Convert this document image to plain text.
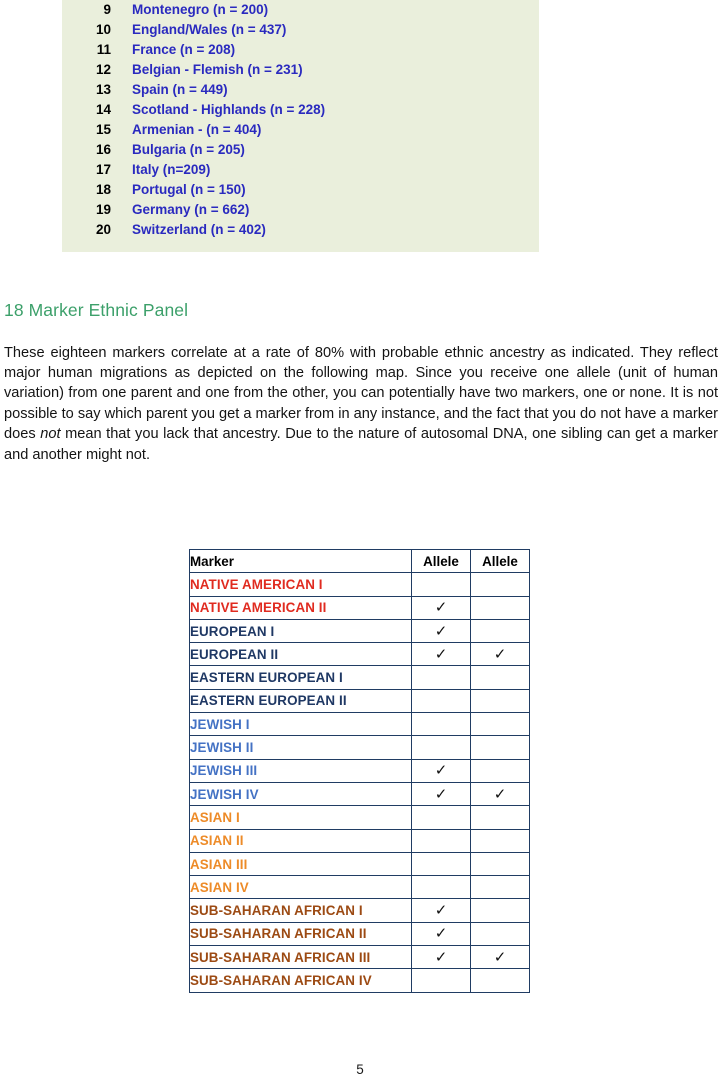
9	Montenegro (n = 200)
10	England/Wales (n = 437)
11	France (n = 208)
12	Belgian - Flemish (n = 231)
13	Spain (n = 449)
14	Scotland - Highlands (n = 228)
15	Armenian - (n = 404)
16	Bulgaria (n = 205)
17	Italy (n=209)
18	Portugal (n = 150)
19	Germany (n = 662)
20	Switzerland (n = 402)
18 Marker Ethnic Panel

These eighteen markers correlate at a rate of 80% with probable ethnic ancestry as indicated. They reflect major human migrations as depicted on the following map. Since you receive one allele (unit of human variation) from one parent and one from the other, you can potentially have two markers, one or none. It is not possible to say which parent you get a marker from in any instance, and the fact that you do not have a marker does not mean that you lack that ancestry. Due to the nature of autosomal DNA, one sibling can get a marker and another might not.

Marker	Allele	Allele
NATIVE AMERICAN I		
NATIVE AMERICAN II	✓	
EUROPEAN I	✓	
EUROPEAN II	✓	✓
EASTERN EUROPEAN I		
EASTERN EUROPEAN II		
JEWISH I		
JEWISH II		
JEWISH III	✓	
JEWISH IV	✓	✓
ASIAN I		
ASIAN II		
ASIAN III		
ASIAN IV		
SUB-SAHARAN AFRICAN I	✓	
SUB-SAHARAN AFRICAN II	✓	
SUB-SAHARAN AFRICAN III	✓	✓
SUB-SAHARAN AFRICAN IV		
5
